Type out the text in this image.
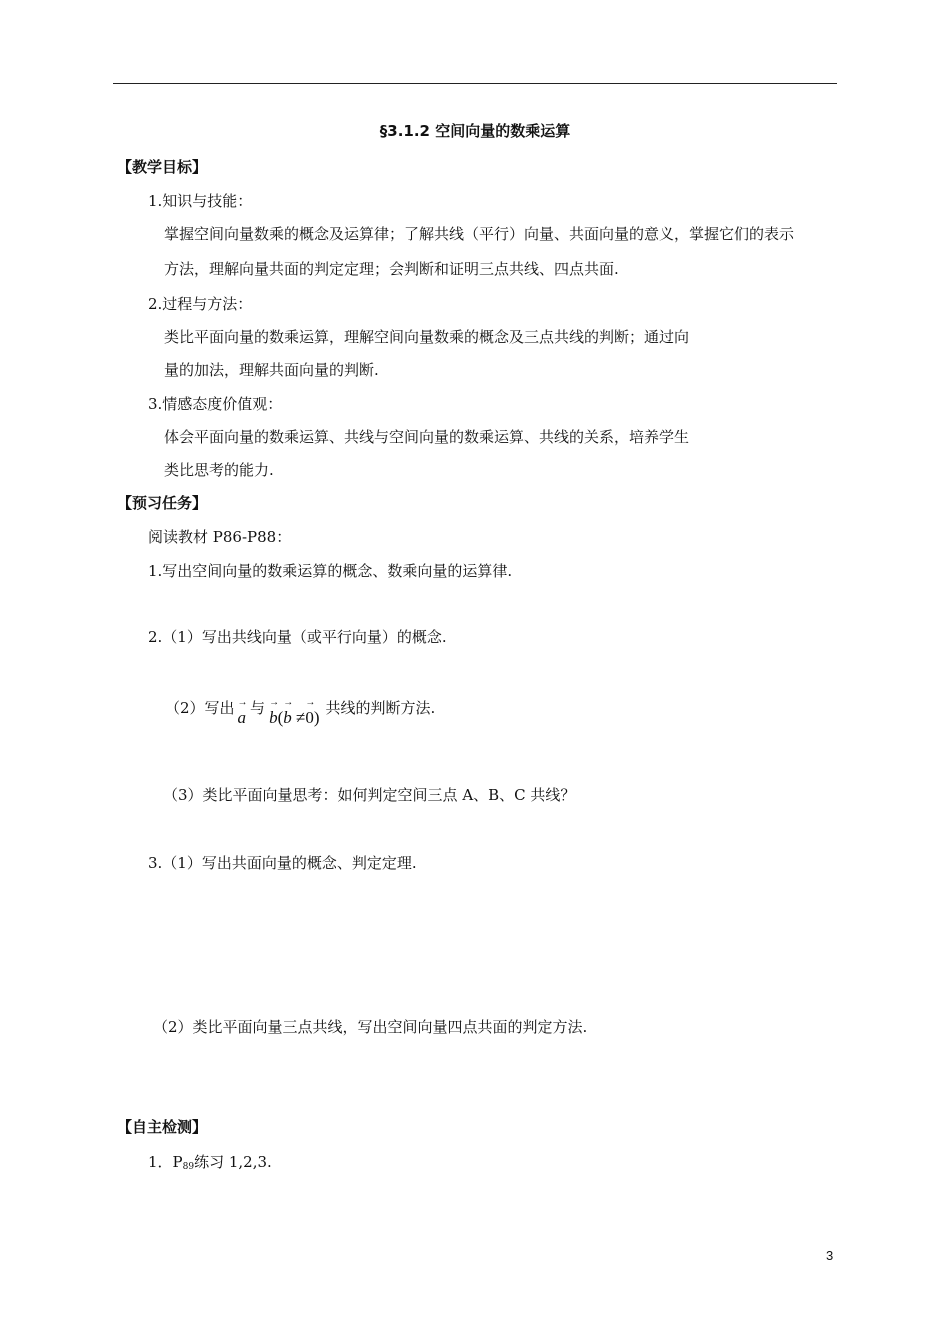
§3.1.2 空间向量的数乘运算
【教学目标】
1.知识与技能：
掌握空间向量数乘的概念及运算律；了解共线（平行）向量、共面向量的意义，掌握它们的表示
方法，理解向量共面的判定定理；会判断和证明三点共线、四点共面.
2.过程与方法：
类比平面向量的数乘运算，理解空间向量数乘的概念及三点共线的判断；通过向
量的加法，理解共面向量的判断.
3.情感态度价值观：
体会平面向量的数乘运算、共线与空间向量的数乘运算、共线的关系，培养学生
类比思考的能力.
【预习任务】
阅读教材 P86-P88：
1.写出空间向量的数乘运算的概念、数乘向量的运算律.
2.（1）写出共线向量（或平行向量）的概念.
（2）写出 → a 与 → b(→ b ≠→ 0) 共线的判断方法.
（3）类比平面向量思考：如何判定空间三点 A、B、C 共线？
3.（1）写出共面向量的概念、判定定理.
（2）类比平面向量三点共线，写出空间向量四点共面的判定方法.
【自主检测】
1．P89练习 1,2,3.
3
